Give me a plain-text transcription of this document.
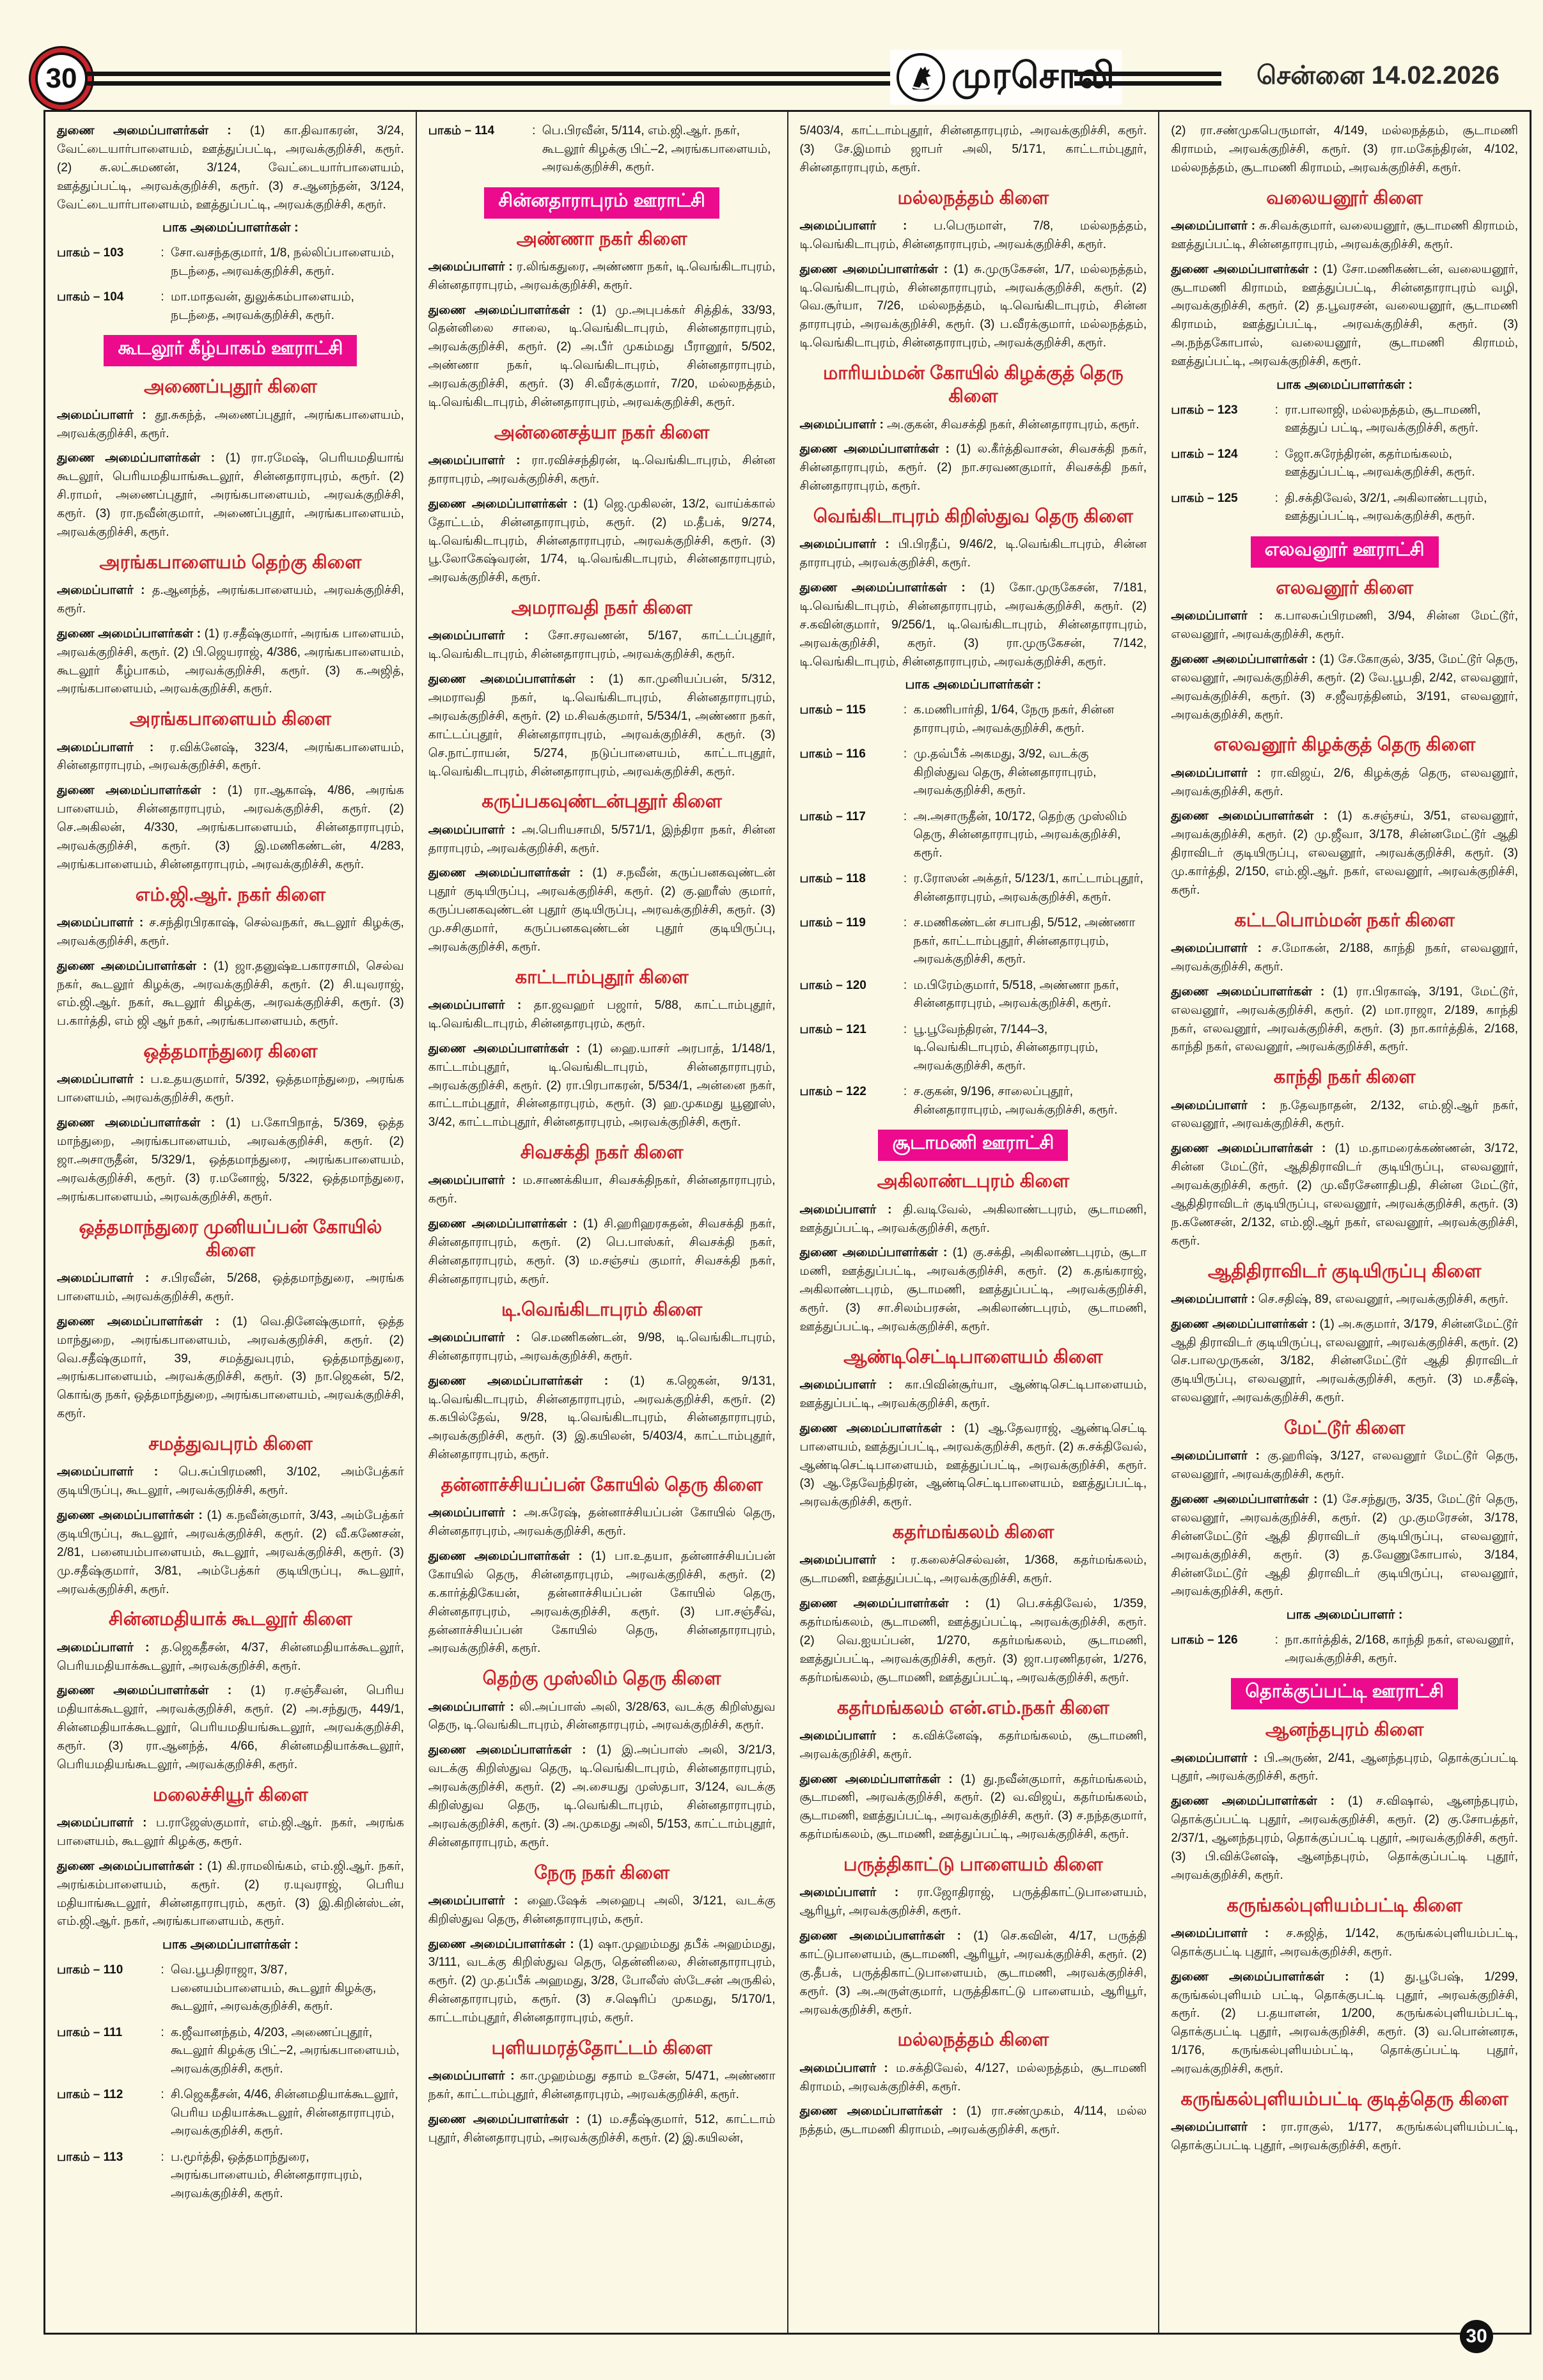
30	முரசொலி	சென்னை 14.02.2026

துணை அமைப்பாளர்கள் : (1) கா.திவாகரன், 3/24, வேட்டையார்பாளையம், ஊத்துப்பட்டி, அரவக்குறிச்சி, கரூர். (2) சு.லட்சுமணன், 3/124, வேட்டையார்பாளையம், ஊத்துப்பட்டி, அரவக்குறிச்சி, கரூர். (3) ச.ஆனந்தன், 3/124, வேட்டையார்பாளையம், ஊத்துப்பட்டி, அரவக்குறிச்சி, கரூர்.

பாக அமைப்பாளர்கள் :
பாகம் – 103	: சோ.வசந்தகுமார், 1/8, நல்லிப்பாளையம், நடந்தை, அரவக்குறிச்சி, கரூர்.
பாகம் – 104	: மா.மாதவன், துலுக்கம்பாளையம், நடந்தை, அரவக்குறிச்சி, கரூர்.
கூடலூர் கீழ்பாகம் ஊராட்சி
அணைப்புதூர் கிளை

அமைப்பாளர் : தூ.சுகந்த், அணைப்புதூர், அரங்கபாளையம், அரவக்குறிச்சி, கரூர்.

துணை அமைப்பாளர்கள் : (1) ரா.ரமேஷ், பெரியமதியாங் கூடலூர், பெரியமதியாங்கூடலூர், சின்னதாராபுரம், கரூர். (2) சி.ராமர், அணைப்புதூர், அரங்கபாளையம், அரவக்குறிச்சி, கரூர். (3) ரா.நவீன்குமார், அணைப்புதூர், அரங்கபாளையம், அரவக்குறிச்சி, கரூர்.

அரங்கபாளையம் தெற்கு கிளை

அமைப்பாளர் : த.ஆனந்த், அரங்கபாளையம், அரவக்குறிச்சி, கரூர்.

துணை அமைப்பாளர்கள் : (1) ர.சதீஷ்குமார், அரங்க பாளையம், அரவக்குறிச்சி, கரூர். (2) பி.ஜெயராஜ், 4/386, அரங்கபாளையம், கூடலூர் கீழ்பாகம், அரவக்குறிச்சி, கரூர். (3) க.அஜித், அரங்கபாளையம், அரவக்குறிச்சி, கரூர்.

அரங்கபாளையம் கிளை

அமைப்பாளர் : ர.விக்னேஷ், 323/4, அரங்கபாளையம், சின்னதாராபுரம், அரவக்குறிச்சி, கரூர்.

துணை அமைப்பாளர்கள் : (1) ரா.ஆகாஷ், 4/86, அரங்க பாளையம், சின்னதாராபுரம், அரவக்குறிச்சி, கரூர். (2) செ.அகிலன், 4/330, அரங்கபாளையம், சின்னதாராபுரம், அரவக்குறிச்சி, கரூர். (3) இ.மணிகண்டன், 4/283, அரங்கபாளையம், சின்னதாராபுரம், அரவக்குறிச்சி, கரூர்.

எம்.ஜி.ஆர். நகர் கிளை

அமைப்பாளர் : ச.சந்திரபிரகாஷ், செல்வநகர், கூடலூர் கிழக்கு, அரவக்குறிச்சி, கரூர்.

துணை அமைப்பாளர்கள் : (1) ஜா.தனுஷ்உபகாரசாமி, செல்வ நகர், கூடலூர் கிழக்கு, அரவக்குறிச்சி, கரூர். (2) சி.யுவராஜ், எம்.ஜி.ஆர். நகர், கூடலூர் கிழக்கு, அரவக்குறிச்சி, கரூர். (3) ப.கார்த்தி, எம் ஜி ஆர் நகர், அரங்கபாளையம், கரூர்.

ஒத்தமாந்துரை கிளை

அமைப்பாளர் : ப.உதயகுமார், 5/392, ஒத்தமாந்துறை, அரங்க பாளையம், அரவக்குறிச்சி, கரூர்.

துணை அமைப்பாளர்கள் : (1) ப.கோபிநாத், 5/369, ஒத்த மாந்துறை, அரங்கபாளையம், அரவக்குறிச்சி, கரூர். (2) ஜா.அசாருதீன், 5/329/1, ஒத்தமாந்துரை, அரங்கபாளையம், அரவக்குறிச்சி, கரூர். (3) ர.மனோஜ், 5/322, ஒத்தமாந்துரை, அரங்கபாளையம், அரவக்குறிச்சி, கரூர்.

ஒத்தமாந்துரை முனியப்பன் கோயில் கிளை

அமைப்பாளர் : ச.பிரவீன், 5/268, ஒத்தமாந்துரை, அரங்க பாளையம், அரவக்குறிச்சி, கரூர்.

துணை அமைப்பாளர்கள் : (1) வெ.தினேஷ்குமார், ஒத்த மாந்துறை, அரங்கபாளையம், அரவக்குறிச்சி, கரூர். (2) வெ.சதீஷ்குமார், 39, சமத்துவபுரம், ஒத்தமாந்துரை, அரங்கபாளையம், அரவக்குறிச்சி, கரூர். (3) நா.ஜெகன், 5/2, கொங்கு நகர், ஒத்தமாந்துறை, அரங்கபாளையம், அரவக்குறிச்சி, கரூர்.

சமத்துவபுரம் கிளை

அமைப்பாளர் : பெ.சுப்பிரமணி, 3/102, அம்பேத்கர் குடியிருப்பு, கூடலூர், அரவக்குறிச்சி, கரூர்.

துணை அமைப்பாளர்கள் : (1) க.நவீன்குமார், 3/43, அம்பேத்கர் குடியிருப்பு, கூடலூர், அரவக்குறிச்சி, கரூர். (2) வீ.கணேசன், 2/81, பனையம்பாளையம், கூடலூர், அரவக்குறிச்சி, கரூர். (3) மு.சதீஷ்குமார், 3/81, அம்பேத்கர் குடியிருப்பு, கூடலூர், அரவக்குறிச்சி, கரூர்.

சின்னமதியாக் கூடலூர் கிளை

அமைப்பாளர் : த.ஜெகதீசன், 4/37, சின்னமதியாக்கூடலூர், பெரியமதியாக்கூடலூர், அரவக்குறிச்சி, கரூர்.

துணை அமைப்பாளர்கள் : (1) ர.சஞ்சீவன், பெரிய மதியாக்கூடலூர், அரவக்குறிச்சி, கரூர். (2) அ.சந்துரு, 449/1, சின்னமதியாக்கூடலூர், பெரியமதியங்கூடலூர், அரவக்குறிச்சி, கரூர். (3) ரா.ஆனந்த், 4/66, சின்னமதியாக்கூடலூர், பெரியமதியங்கூடலூர், அரவக்குறிச்சி, கரூர்.

மலைச்சியூர் கிளை

அமைப்பாளர் : ப.ராஜேஸ்குமார், எம்.ஜி.ஆர். நகர், அரங்க பாளையம், கூடலூர் கிழக்கு, கரூர்.

துணை அமைப்பாளர்கள் : (1) கி.ராமலிங்கம், எம்.ஜி.ஆர். நகர், அரங்கம்பாளையம், கரூர். (2) ர.யுவராஜ், பெரிய மதியாங்கூடலூர், சின்னதாராபுரம், கரூர். (3) இ.கிறின்ஸ்டன், எம்.ஜி.ஆர். நகர், அரங்கபாளையம், கரூர்.

பாக அமைப்பாளர்கள் :
பாகம் – 110	: வெ.பூபதிராஜா, 3/87, பனையம்பாளையம், கூடலூர் கிழக்கு, கூடலூர், அரவக்குறிச்சி, கரூர்.
பாகம் – 111	: க.ஜீவானந்தம், 4/203, அணைப்புதூர், கூடலூர் கிழக்கு பிட்–2, அரங்கபாளையம், அரவக்குறிச்சி, கரூர்.
பாகம் – 112	: சி.ஜெகதீசன், 4/46, சின்னமதியாக்கூடலூர், பெரிய மதியாக்கூடலூர், சின்னதாராபுரம், அரவக்குறிச்சி, கரூர்.
பாகம் – 113	: ப.மூர்த்தி, ஒத்தமாந்துரை, அரங்கபாளையம், சின்னதாராபுரம், அரவக்குறிச்சி, கரூர்.
பாகம் – 114	: பெ.பிரவீன், 5/114, எம்.ஜி.ஆர். நகர், கூடலூர் கிழக்கு பிட்–2, அரங்கபாளையம், அரவக்குறிச்சி, கரூர்.
சின்னதாராபுரம் ஊராட்சி
அண்ணா நகர் கிளை

அமைப்பாளர் : ர.லிங்கதுரை, அண்ணா நகர், டி.வெங்கிடாபுரம், சின்னதாராபுரம், அரவக்குறிச்சி, கரூர்.

துணை அமைப்பாளர்கள் : (1) மு.அபுபக்கர் சித்திக், 33/93, தென்னிலை சாலை, டி.வெங்கிடாபுரம், சின்னதாராபுரம், அரவக்குறிச்சி, கரூர். (2) அ.பீர் முகம்மது பீரானூர், 5/502, அண்ணா நகர், டி.வெங்கிடாபுரம், சின்னதாராபுரம், அரவக்குறிச்சி, கரூர். (3) சி.வீரக்குமார், 7/20, மல்லநத்தம், டி.வெங்கிடாபுரம், சின்னதாராபுரம், அரவக்குறிச்சி, கரூர்.

அன்னைசத்யா நகர் கிளை

அமைப்பாளர் : ரா.ரவிச்சந்திரன், டி.வெங்கிடாபுரம், சின்ன தாராபுரம், அரவக்குறிச்சி, கரூர்.

துணை அமைப்பாளர்கள் : (1) ஜெ.முகிலன், 13/2, வாய்க்கால் தோட்டம், சின்னதாராபுரம், கரூர். (2) ம.தீபக், 9/274, டி.வெங்கிடாபுரம், சின்னதாராபுரம், அரவக்குறிச்சி, கரூர். (3) பூ.லோகேஷ்வரன், 1/74, டி.வெங்கிடாபுரம், சின்னதாராபுரம், அரவக்குறிச்சி, கரூர்.

அமராவதி நகர் கிளை

அமைப்பாளர் : சோ.சரவணன், 5/167, காட்டப்புதூர், டி.வெங்கிடாபுரம், சின்னதாராபுரம், அரவக்குறிச்சி, கரூர்.

துணை அமைப்பாளர்கள் : (1) கா.முனியப்பன், 5/312, அமராவதி நகர், டி.வெங்கிடாபுரம், சின்னதாராபுரம், அரவக்குறிச்சி, கரூர். (2) ம.சிவக்குமார், 5/534/1, அண்ணா நகர், காட்டப்புதூர், சின்னதாராபுரம், அரவக்குறிச்சி, கரூர். (3) செ.நாட்ராயன், 5/274, நடுப்பாளையம், காட்டாபுதூர், டி.வெங்கிடாபுரம், சின்னதாராபுரம், அரவக்குறிச்சி, கரூர்.

கருப்பகவுண்டன்புதூர் கிளை

அமைப்பாளர் : அ.பெரியசாமி, 5/571/1, இந்திரா நகர், சின்ன தாராபுரம், அரவக்குறிச்சி, கரூர்.

துணை அமைப்பாளர்கள் : (1) ச.நவீன், கருப்பனகவுண்டன் புதூர் குடியிருப்பு, அரவக்குறிச்சி, கரூர். (2) கு.ஹரீஸ் குமார், கருப்பனகவுண்டன் புதூர் குடியிருப்பு, அரவக்குறிச்சி, கரூர். (3) மு.சசிகுமார், கருப்பனகவுண்டன் புதூர் குடியிருப்பு, அரவக்குறிச்சி, கரூர்.

காட்டாம்புதூர் கிளை

அமைப்பாளர் : தா.ஜவஹர் பஜார், 5/88, காட்டாம்புதூர், டி.வெங்கிடாபுரம், சின்னதாரபுரம், கரூர்.

துணை அமைப்பாளர்கள் : (1) ஹை.யாசர் அரபாத், 1/148/1, காட்டாம்புதூர், டி.வெங்கிடாபுரம், சின்னதாராபுரம், அரவக்குறிச்சி, கரூர். (2) ரா.பிரபாகரன், 5/534/1, அன்னை நகர், காட்டாம்புதூர், சின்னதாரபுரம், கரூர். (3) ஹ.முகமது யூனூஸ், 3/42, காட்டாம்புதூர், சின்னதாரபுரம், அரவக்குறிச்சி, கரூர்.

சிவசக்தி நகர் கிளை

அமைப்பாளர் : ம.சாணக்கியா, சிவசக்திநகர், சின்னதாராபுரம், கரூர்.

துணை அமைப்பாளர்கள் : (1) சி.ஹரிஹரசுதன், சிவசக்தி நகர், சின்னதாராபுரம், கரூர். (2) பெ.பாஸ்கர், சிவசக்தி நகர், சின்னதாராபுரம், கரூர். (3) ம.சஞ்சய் குமார், சிவசக்தி நகர், சின்னதாராபுரம், கரூர்.

டி.வெங்கிடாபுரம் கிளை

அமைப்பாளர் : செ.மணிகண்டன், 9/98, டி.வெங்கிடாபுரம், சின்னதாராபுரம், அரவக்குறிச்சி, கரூர்.

துணை அமைப்பாளர்கள் : (1) க.ஜெகன், 9/131, டி.வெங்கிடாபுரம், சின்னதாராபுரம், அரவக்குறிச்சி, கரூர். (2) க.கபில்தேவ், 9/28, டி.வெங்கிடாபுரம், சின்னதாராபுரம், அரவக்குறிச்சி, கரூர். (3) இ.கயிலன், 5/403/4, காட்டாம்புதூர், சின்னதாராபுரம், கரூர்.

தன்னாச்சியப்பன் கோயில் தெரு கிளை

அமைப்பாளர் : அ.சுரேஷ், தன்னாச்சியப்பன் கோயில் தெரு, சின்னதாரபுரம், அரவக்குறிச்சி, கரூர்.

துணை அமைப்பாளர்கள் : (1) பா.உதயா, தன்னாச்சியப்பன் கோயில் தெரு, சின்னதாரபுரம், அரவக்குறிச்சி, கரூர். (2) க.கார்த்திகேயன், தன்னாச்சியப்பன் கோயில் தெரு, சின்னதாரபுரம், அரவக்குறிச்சி, கரூர். (3) பா.சஞ்சீவ், தன்னாச்சியப்பன் கோயில் தெரு, சின்னதாராபுரம், அரவக்குறிச்சி, கரூர்.

தெற்கு முஸ்லிம் தெரு கிளை

அமைப்பாளர் : லி.அப்பாஸ் அலி, 3/28/63, வடக்கு கிறிஸ்துவ தெரு, டி.வெங்கிடாபுரம், சின்னதாரபுரம், அரவக்குறிச்சி, கரூர்.

துணை அமைப்பாளர்கள் : (1) இ.அப்பாஸ் அலி, 3/21/3, வடக்கு கிறிஸ்துவ தெரு, டி.வெங்கிடாபுரம், சின்னதாராபுரம், அரவக்குறிச்சி, கரூர். (2) அ.சையது முஸ்தபா, 3/124, வடக்கு கிறிஸ்துவ தெரு, டி.வெங்கிடாபுரம், சின்னதாராபுரம், அரவக்குறிச்சி, கரூர். (3) அ.முகமது அலி, 5/153, காட்டாம்புதூர், சின்னதாராபுரம், கரூர்.

நேரு நகர் கிளை

அமைப்பாளர் : ஹை.ஷேக் அஹைபு அலி, 3/121, வடக்கு கிறிஸ்துவ தெரு, சின்னதாராபுரம், கரூர்.

துணை அமைப்பாளர்கள் : (1) ஷா.முஹம்மது தபீக் அஹம்மது, 3/111, வடக்கு கிறிஸ்துவ தெரு, தென்னிலை, சின்னதாராபுரம், கரூர். (2) மு.தப்பீக் அஹமது, 3/28, போலீஸ் ஸ்டேசன் அருகில், சின்னதாராபுரம், கரூர். (3) ச.ஷெரிப் முகமது, 5/170/1, காட்டாம்புதூர், சின்னதாராபுரம், கரூர்.

புளியமரத்தோட்டம் கிளை

அமைப்பாளர் : கா.முஹம்மது சதாம் உசேன், 5/471, அண்ணா நகர், காட்டாம்புதூர், சின்னதாரபுரம், அரவக்குறிச்சி, கரூர்.

துணை அமைப்பாளர்கள் : (1) ம.சதீஷ்குமார், 512, காட்டாம் புதூர், சின்னதாரபுரம், அரவக்குறிச்சி, கரூர். (2) இ.கயிலன்,

5/403/4, காட்டாம்புதூர், சின்னதாரபுரம், அரவக்குறிச்சி, கரூர். (3) சே.இமாம் ஜாபர் அலி, 5/171, காட்டாம்புதூர், சின்னதாராபுரம், கரூர்.

மல்லநத்தம் கிளை

அமைப்பாளர் : ப.பெருமாள், 7/8, மல்லநத்தம், டி.வெங்கிடாபுரம், சின்னதாராபுரம், அரவக்குறிச்சி, கரூர்.

துணை அமைப்பாளர்கள் : (1) சு.முருகேசன், 1/7, மல்லநத்தம், டி.வெங்கிடாபுரம், சின்னதாராபுரம், அரவக்குறிச்சி, கரூர். (2) வெ.சூர்யா, 7/26, மல்லநத்தம், டி.வெங்கிடாபுரம், சின்ன தாராபுரம், அரவக்குறிச்சி, கரூர். (3) ப.வீரக்குமார், மல்லநத்தம், டி.வெங்கிடாபுரம், சின்னதாராபுரம், அரவக்குறிச்சி, கரூர்.

மாரியம்மன் கோயில் கிழக்குத் தெரு கிளை

அமைப்பாளர் : அ.குகன், சிவசக்தி நகர், சின்னதாராபுரம், கரூர்.

துணை அமைப்பாளர்கள் : (1) ல.கீர்த்திவாசன், சிவசக்தி நகர், சின்னதாராபுரம், கரூர். (2) நா.சரவணகுமார், சிவசக்தி நகர், சின்னதாராபுரம், கரூர்.

வெங்கிடாபுரம் கிறிஸ்துவ தெரு கிளை

அமைப்பாளர் : பி.பிரதீப், 9/46/2, டி.வெங்கிடாபுரம், சின்ன தாராபுரம், அரவக்குறிச்சி, கரூர்.

துணை அமைப்பாளர்கள் : (1) கோ.முருகேசன், 7/181, டி.வெங்கிடாபுரம், சின்னதாராபுரம், அரவக்குறிச்சி, கரூர். (2) ச.கவின்குமார், 9/256/1, டி.வெங்கிடாபுரம், சின்னதாராபுரம், அரவக்குறிச்சி, கரூர். (3) ரா.முருகேசன், 7/142, டி.வெங்கிடாபுரம், சின்னதாராபுரம், அரவக்குறிச்சி, கரூர்.

பாக அமைப்பாளர்கள் :
பாகம் – 115	: க.மணிபார்தி, 1/64, நேரு நகர், சின்ன தாராபுரம், அரவக்குறிச்சி, கரூர்.
பாகம் – 116	: மு.தவ்பீக் அகமது, 3/92, வடக்கு கிறிஸ்துவ தெரு, சின்னதாராபுரம், அரவக்குறிச்சி, கரூர்.
பாகம் – 117	: அ.அசாருதீன், 10/172, தெற்கு முஸ்லிம் தெரு, சின்னதாராபுரம், அரவக்குறிச்சி, கரூர்.
பாகம் – 118	: ர.ரோஸன் அக்தர், 5/123/1, காட்டாம்புதூர், சின்னதாரபுரம், அரவக்குறிச்சி, கரூர்.
பாகம் – 119	: ச.மணிகண்டன் சபாபதி, 5/512, அண்ணா நகர், காட்டாம்புதூர், சின்னதாரபுரம், அரவக்குறிச்சி, கரூர்.
பாகம் – 120	: ம.பிரேம்குமார், 5/518, அண்ணா நகர், சின்னதாரபுரம், அரவக்குறிச்சி, கரூர்.
பாகம் – 121	: பூ.பூவேந்திரன், 7/144–3, டி.வெங்கிடாபுரம், சின்னதாரபுரம், அரவக்குறிச்சி, கரூர்.
பாகம் – 122	: ச.குகன், 9/196, சாலைப்புதூர், சின்னதாராபுரம், அரவக்குறிச்சி, கரூர்.
சூடாமணி ஊராட்சி
அகிலாண்டபுரம் கிளை

அமைப்பாளர் : தி.வடிவேல், அகிலாண்டபுரம், சூடாமணி, ஊத்துப்பட்டி, அரவக்குறிச்சி, கரூர்.

துணை அமைப்பாளர்கள் : (1) கு.சக்தி, அகிலாண்டபுரம், சூடா மணி, ஊத்துப்பட்டி, அரவக்குறிச்சி, கரூர். (2) க.தங்கராஜ், அகிலாண்டபுரம், சூடாமணி, ஊத்துப்பட்டி, அரவக்குறிச்சி, கரூர். (3) சா.சிலம்பரசன், அகிலாண்டபுரம், சூடாமணி, ஊத்துப்பட்டி, அரவக்குறிச்சி, கரூர்.

ஆண்டிசெட்டிபாளையம் கிளை

அமைப்பாளர் : கா.பிவின்சூர்யா, ஆண்டிசெட்டிபாளையம், ஊத்துப்பட்டி, அரவக்குறிச்சி, கரூர்.

துணை அமைப்பாளர்கள் : (1) ஆ.தேவராஜ், ஆண்டிசெட்டி பாளையம், ஊத்துப்பட்டி, அரவக்குறிச்சி, கரூர். (2) சு.சக்திவேல், ஆண்டிசெட்டிபாளையம், ஊத்துப்பட்டி, அரவக்குறிச்சி, கரூர். (3) ஆ.தேவேந்திரன், ஆண்டிசெட்டிபாளையம், ஊத்துப்பட்டி, அரவக்குறிச்சி, கரூர்.

கதர்மங்கலம் கிளை

அமைப்பாளர் : ர.கலைச்செல்வன், 1/368, கதர்மங்கலம், சூடாமணி, ஊத்துப்பட்டி, அரவக்குறிச்சி, கரூர்.

துணை அமைப்பாளர்கள் : (1) பெ.சக்திவேல், 1/359, கதர்மங்கலம், சூடாமணி, ஊத்துப்பட்டி, அரவக்குறிச்சி, கரூர். (2) வெ.ஐயப்பன், 1/270, கதர்மங்கலம், சூடாமணி, ஊத்துப்பட்டி, அரவக்குறிச்சி, கரூர். (3) ஜா.பரணிதரன், 1/276, கதர்மங்கலம், சூடாமணி, ஊத்துப்பட்டி, அரவக்குறிச்சி, கரூர்.

கதர்மங்கலம் என்.எம்.நகர் கிளை

அமைப்பாளர் : க.விக்னேஷ், கதர்மங்கலம், சூடாமணி, அரவக்குறிச்சி, கரூர்.

துணை அமைப்பாளர்கள் : (1) து.நவீன்குமார், கதர்மங்கலம், சூடாமணி, அரவக்குறிச்சி, கரூர். (2) வ.விஜய், கதர்மங்கலம், சூடாமணி, ஊத்துப்பட்டி, அரவக்குறிச்சி, கரூர். (3) ச.நந்தகுமார், கதர்மங்கலம், சூடாமணி, ஊத்துப்பட்டி, அரவக்குறிச்சி, கரூர்.

பருத்திகாட்டு பாளையம் கிளை

அமைப்பாளர் : ரா.ஜோதிராஜ், பருத்திகாட்டுபாளையம், ஆரியூர், அரவக்குறிச்சி, கரூர்.

துணை அமைப்பாளர்கள் : (1) செ.கவின், 4/17, பருத்தி காட்டுபாளையம், சூடாமணி, ஆரியூர், அரவக்குறிச்சி, கரூர். (2) கு.தீபக், பருத்திகாட்டுபாளையம், சூடாமணி, அரவக்குறிச்சி, கரூர். (3) அ.அருள்குமார், பருத்திகாட்டு பாளையம், ஆரியூர், அரவக்குறிச்சி, கரூர்.

மல்லநத்தம் கிளை

அமைப்பாளர் : ம.சக்திவேல், 4/127, மல்லநத்தம், சூடாமணி கிராமம், அரவக்குறிச்சி, கரூர்.

துணை அமைப்பாளர்கள் : (1) ரா.சண்முகம், 4/114, மல்ல நத்தம், சூடாமணி கிராமம், அரவக்குறிச்சி, கரூர்.

(2) ரா.சண்முகபெருமாள், 4/149, மல்லநத்தம், சூடாமணி கிராமம், அரவக்குறிச்சி, கரூர். (3) ரா.மகேந்திரன், 4/102, மல்லநத்தம், சூடாமணி கிராமம், அரவக்குறிச்சி, கரூர்.

வலையனூர் கிளை

அமைப்பாளர் : சு.சிவக்குமார், வலையனூர், சூடாமணி கிராமம், ஊத்துப்பட்டி, சின்னதாராபுரம், அரவக்குறிச்சி, கரூர்.

துணை அமைப்பாளர்கள் : (1) சோ.மணிகண்டன், வலையனூர், சூடாமணி கிராமம், ஊத்துப்பட்டி, சின்னதாராபுரம் வழி, அரவக்குறிச்சி, கரூர். (2) த.பூவரசன், வலையனூர், சூடாமணி கிராமம், ஊத்துப்பட்டி, அரவக்குறிச்சி, கரூர். (3) அ.நந்தகோபால், வலையனூர், சூடாமணி கிராமம், ஊத்துப்பட்டி, அரவக்குறிச்சி, கரூர்.

பாக அமைப்பாளர்கள் :
பாகம் – 123	: ரா.பாலாஜி, மல்லநத்தம், சூடாமணி, ஊத்துப் பட்டி, அரவக்குறிச்சி, கரூர்.
பாகம் – 124	: ஜோ.சுரேந்திரன், கதர்மங்கலம், ஊத்துப்பட்டி, அரவக்குறிச்சி, கரூர்.
பாகம் – 125	: தி.சக்திவேல், 3/2/1, அகிலாண்டபுரம், ஊத்துப்பட்டி, அரவக்குறிச்சி, கரூர்.
எலவனூர் ஊராட்சி
எலவனூர் கிளை

அமைப்பாளர் : க.பாலசுப்பிரமணி, 3/94, சின்ன மேட்டூர், எலவனூர், அரவக்குறிச்சி, கரூர்.

துணை அமைப்பாளர்கள் : (1) சே.கோகுல், 3/35, மேட்டூர் தெரு, எலவனூர், அரவக்குறிச்சி, கரூர். (2) வே.பூபதி, 2/42, எலவனூர், அரவக்குறிச்சி, கரூர். (3) ச.ஜீவரத்தினம், 3/191, எலவனூர், அரவக்குறிச்சி, கரூர்.

எலவனூர் கிழக்குத் தெரு கிளை

அமைப்பாளர் : ரா.விஜய், 2/6, கிழக்குத் தெரு, எலவனூர், அரவக்குறிச்சி, கரூர்.

துணை அமைப்பாளர்கள் : (1) க.சஞ்சய், 3/51, எலவனூர், அரவக்குறிச்சி, கரூர். (2) மு.ஜீவா, 3/178, சின்னமேட்டூர் ஆதி திராவிடர் குடியிருப்பு, எலவனூர், அரவக்குறிச்சி, கரூர். (3) மு.கார்த்தி, 2/150, எம்.ஜி.ஆர். நகர், எலவனூர், அரவக்குறிச்சி, கரூர்.

கட்டபொம்மன் நகர் கிளை

அமைப்பாளர் : ச.மோகன், 2/188, காந்தி நகர், எலவனூர், அரவக்குறிச்சி, கரூர்.

துணை அமைப்பாளர்கள் : (1) ரா.பிரகாஷ், 3/191, மேட்டூர், எலவனூர், அரவக்குறிச்சி, கரூர். (2) மா.ராஜா, 2/189, காந்தி நகர், எலவனூர், அரவக்குறிச்சி, கரூர். (3) நா.கார்த்திக், 2/168, காந்தி நகர், எலவனூர், அரவக்குறிச்சி, கரூர்.

காந்தி நகர் கிளை

அமைப்பாளர் : ந.தேவநாதன், 2/132, எம்.ஜி.ஆர் நகர், எலவனூர், அரவக்குறிச்சி, கரூர்.

துணை அமைப்பாளர்கள் : (1) ம.தாமரைக்கண்ணன், 3/172, சின்ன மேட்டூர், ஆதிதிராவிடர் குடியிருப்பு, எலவனூர், அரவக்குறிச்சி, கரூர். (2) மு.வீரசேனாதிபதி, சின்ன மேட்டூர், ஆதிதிராவிடர் குடியிருப்பு, எலவனூர், அரவக்குறிச்சி, கரூர். (3) ந.கணேசன், 2/132, எம்.ஜி.ஆர் நகர், எலவனூர், அரவக்குறிச்சி, கரூர்.

ஆதிதிராவிடர் குடியிருப்பு கிளை

அமைப்பாளர் : செ.சதிஷ், 89, எலவனூர், அரவக்குறிச்சி, கரூர்.

துணை அமைப்பாளர்கள் : (1) அ.சுகுமார், 3/179, சின்னமேட்டூர் ஆதி திராவிடர் குடியிருப்பு, எலவனூர், அரவக்குறிச்சி, கரூர். (2) செ.பாலமுருகன், 3/182, சின்னமேட்டூர் ஆதி திராவிடர் குடியிருப்பு, எலவனூர், அரவக்குறிச்சி, கரூர். (3) ம.சதீஷ், எலவனூர், அரவக்குறிச்சி, கரூர்.

மேட்டூர் கிளை

அமைப்பாளர் : கு.ஹரிஷ், 3/127, எலவனூர் மேட்டூர் தெரு, எலவனூர், அரவக்குறிச்சி, கரூர்.

துணை அமைப்பாளர்கள் : (1) சே.சந்துரு, 3/35, மேட்டூர் தெரு, எலவனூர், அரவக்குறிச்சி, கரூர். (2) மு.குமரேசன், 3/178, சின்னமேட்டூர் ஆதி திராவிடர் குடியிருப்பு, எலவனூர், அரவக்குறிச்சி, கரூர். (3) த.வேணுகோபால், 3/184, சின்னமேட்டூர் ஆதி திராவிடர் குடியிருப்பு, எலவனூர், அரவக்குறிச்சி, கரூர்.

பாக அமைப்பாளர் :
பாகம் – 126	: நா.கார்த்திக், 2/168, காந்தி நகர், எலவனூர், அரவக்குறிச்சி, கரூர்.
தொக்குப்பட்டி ஊராட்சி
ஆனந்தபுரம் கிளை

அமைப்பாளர் : பி.அருண், 2/41, ஆனந்தபுரம், தொக்குப்பட்டி புதூர், அரவக்குறிச்சி, கரூர்.

துணை அமைப்பாளர்கள் : (1) ச.விஷால், ஆனந்தபுரம், தொக்குப்பட்டி புதூர், அரவக்குறிச்சி, கரூர். (2) கு.சோபத்தர், 2/37/1, ஆனந்தபுரம், தொக்குப்பட்டி புதூர், அரவக்குறிச்சி, கரூர். (3) பி.விக்னேஷ், ஆனந்தபுரம், தொக்குப்பட்டி புதூர், அரவக்குறிச்சி, கரூர்.

கருங்கல்புளியம்பட்டி கிளை

அமைப்பாளர் : ச.சுஜித், 1/142, கருங்கல்புளியம்பட்டி, தொக்குபட்டி புதூர், அரவக்குறிச்சி, கரூர்.

துணை அமைப்பாளர்கள் : (1) து.பூபேஷ், 1/299, கருங்கல்புளியம் பட்டி, தொக்குபட்டி புதூர், அரவக்குறிச்சி, கரூர். (2) ப.தயாளன், 1/200, கருங்கல்புளியம்பட்டி, தொக்குபட்டி புதூர், அரவக்குறிச்சி, கரூர். (3) வ.பொன்னரசு, 1/176, கருங்கல்புளியம்பட்டி, தொக்குப்பட்டி புதூர், அரவக்குறிச்சி, கரூர்.

கருங்கல்புளியம்பட்டி குடித்தெரு கிளை

அமைப்பாளர் : ரா.ராகுல், 1/177, கருங்கல்புளியம்பட்டி, தொக்குப்பட்டி புதூர், அரவக்குறிச்சி, கரூர்.

30
